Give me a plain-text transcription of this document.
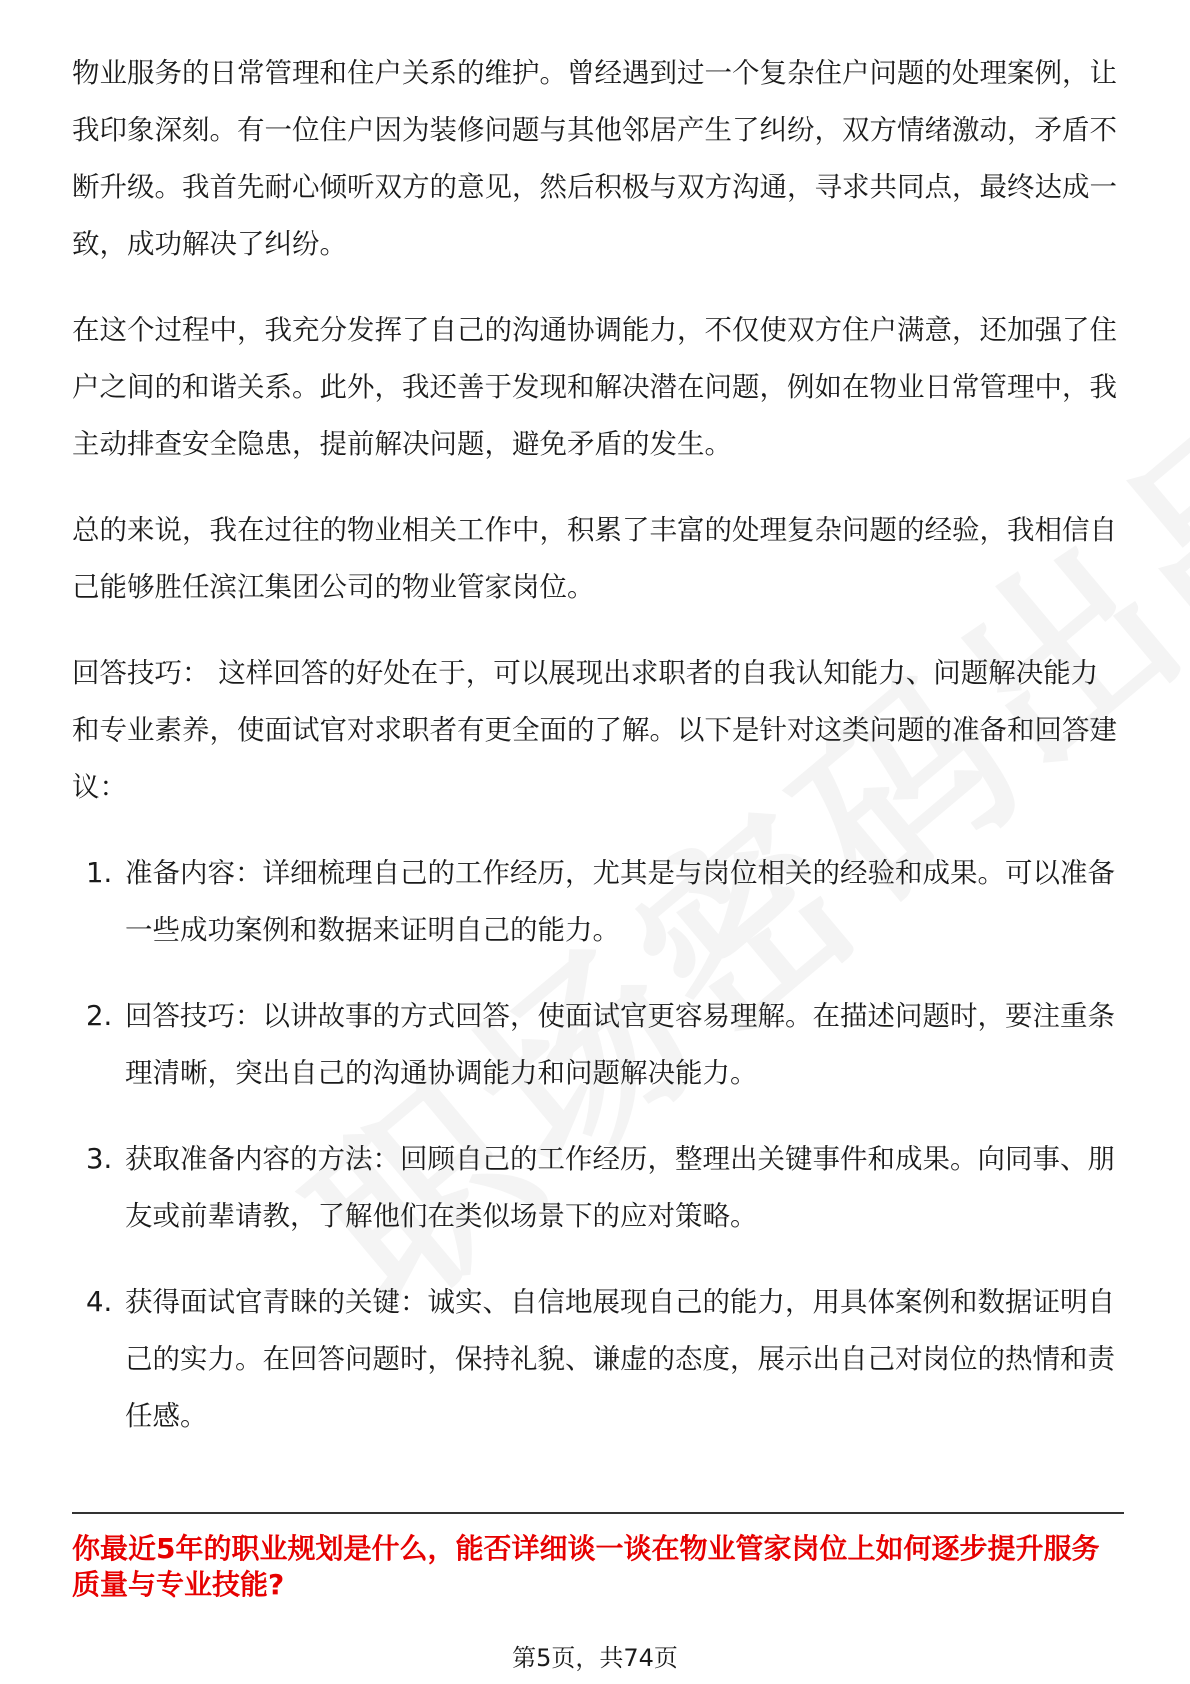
物业服务的日常管理和住户关系的维护。曾经遇到过一个复杂住户问题的处理案例，让我印象深刻。有一位住户因为装修问题与其他邻居产生了纠纷，双方情绪激动，矛盾不断升级。我首先耐心倾听双方的意见，然后积极与双方沟通，寻求共同点，最终达成一致，成功解决了纠纷。

在这个过程中，我充分发挥了自己的沟通协调能力，不仅使双方住户满意，还加强了住户之间的和谐关系。此外，我还善于发现和解决潜在问题，例如在物业日常管理中，我主动排查安全隐患，提前解决问题，避免矛盾的发生。

总的来说，我在过往的物业相关工作中，积累了丰富的处理复杂问题的经验，我相信自己能够胜任滨江集团公司的物业管家岗位。

回答技巧： 这样回答的好处在于，可以展现出求职者的自我认知能力、问题解决能力和专业素养，使面试官对求职者有更全面的了解。以下是针对这类问题的准备和回答建议：

1. 准备内容：详细梳理自己的工作经历，尤其是与岗位相关的经验和成果。可以准备一些成功案例和数据来证明自己的能力。
2. 回答技巧：以讲故事的方式回答，使面试官更容易理解。在描述问题时，要注重条理清晰，突出自己的沟通协调能力和问题解决能力。
3. 获取准备内容的方法：回顾自己的工作经历，整理出关键事件和成果。向同事、朋友或前辈请教，了解他们在类似场景下的应对策略。
4. 获得面试官青睐的关键：诚实、自信地展现自己的能力，用具体案例和数据证明自己的实力。在回答问题时，保持礼貌、谦虚的态度，展示出自己对岗位的热情和责任感。
你最近5年的职业规划是什么，能否详细谈一谈在物业管家岗位上如何逐步提升服务质量与专业技能?
第5页，共74页
